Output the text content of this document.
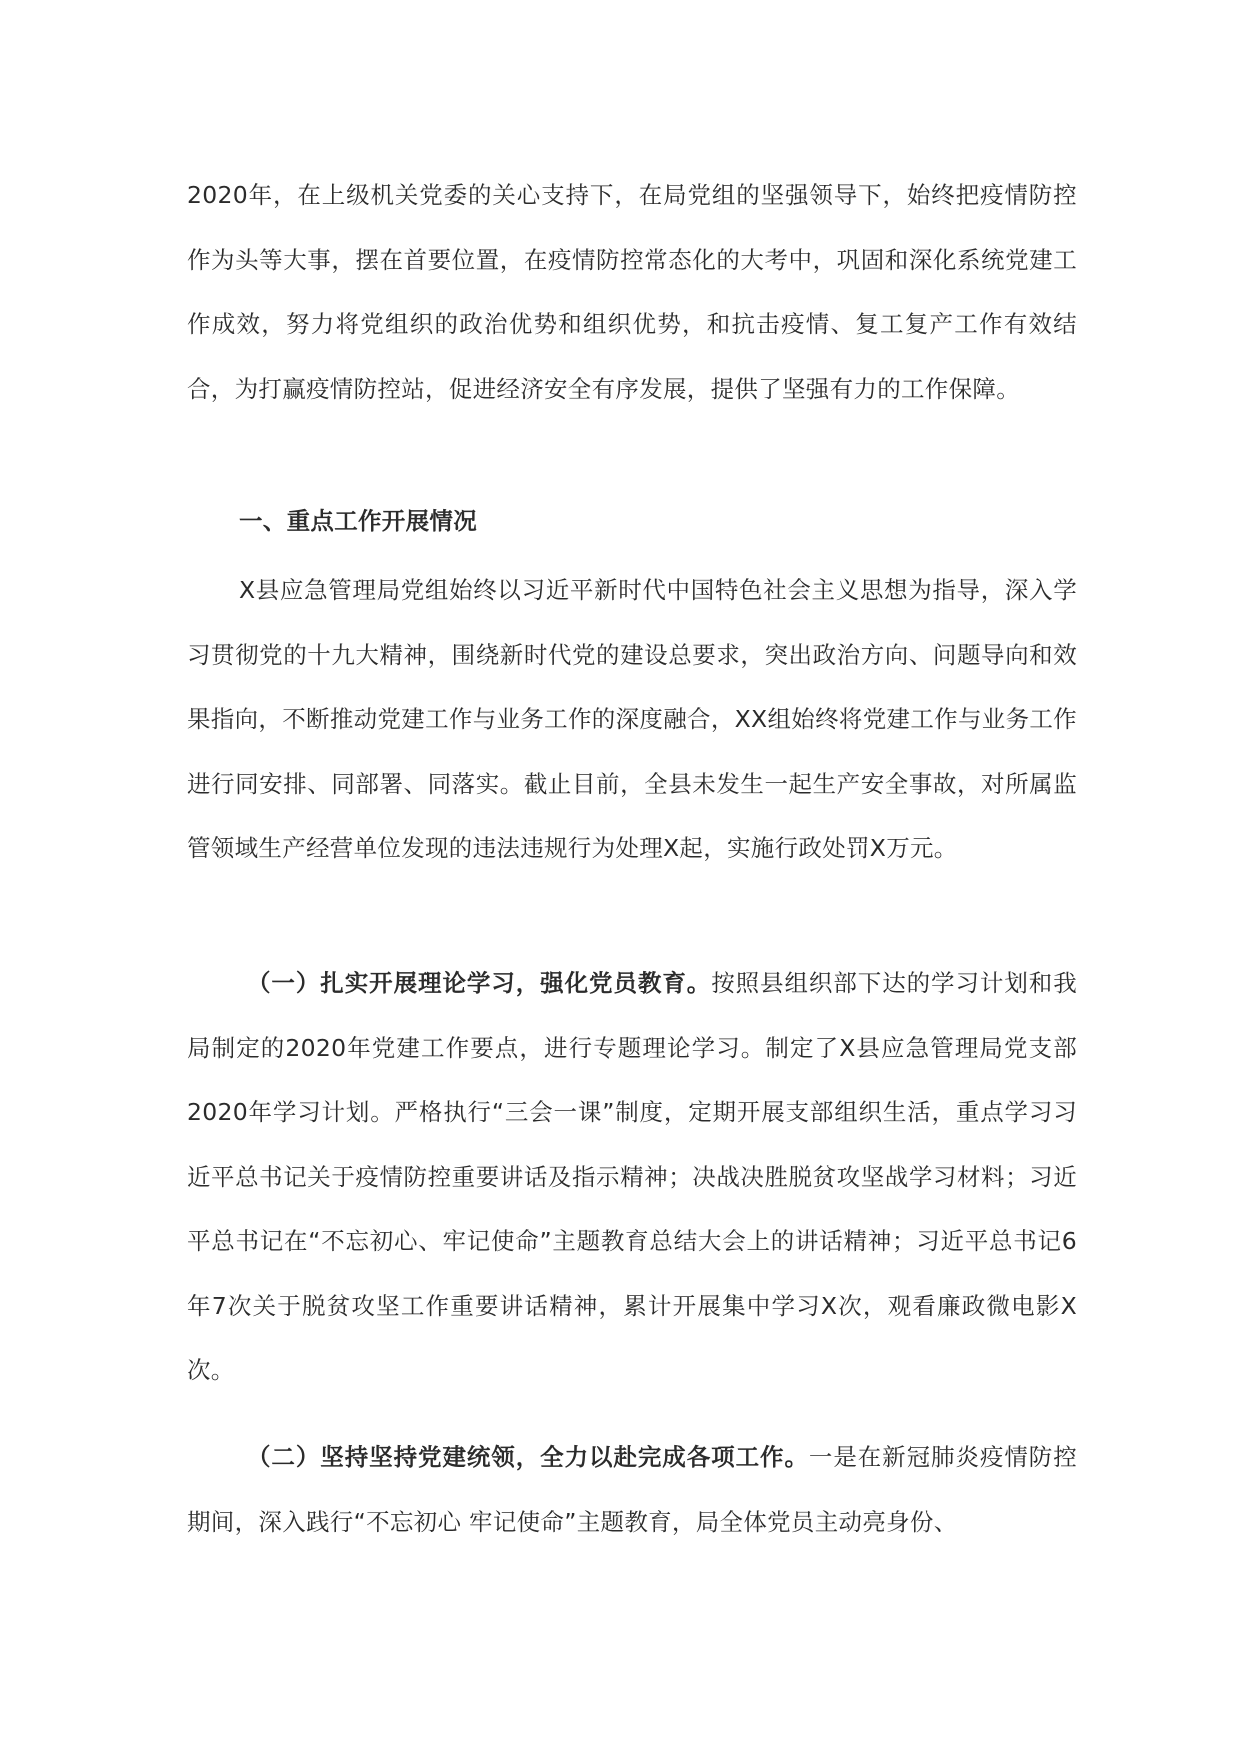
2020年，在上级机关党委的关心支持下，在局党组的坚强领导下，始终把疫情防控作为头等大事，摆在首要位置，在疫情防控常态化的大考中，巩固和深化系统党建工作成效，努力将党组织的政治优势和组织优势，和抗击疫情、复工复产工作有效结合，为打赢疫情防控站，促进经济安全有序发展，提供了坚强有力的工作保障。

一、重点工作开展情况

X县应急管理局党组始终以习近平新时代中国特色社会主义思想为指导，深入学习贯彻党的十九大精神，围绕新时代党的建设总要求，突出政治方向、问题导向和效果指向，不断推动党建工作与业务工作的深度融合，XX组始终将党建工作与业务工作进行同安排、同部署、同落实。截止目前，全县未发生一起生产安全事故，对所属监管领域生产经营单位发现的违法违规行为处理X起，实施行政处罚X万元。

（一）扎实开展理论学习，强化党员教育。按照县组织部下达的学习计划和我局制定的2020年党建工作要点，进行专题理论学习。制定了X县应急管理局党支部2020年学习计划。严格执行“三会一课”制度，定期开展支部组织生活，重点学习习近平总书记关于疫情防控重要讲话及指示精神；决战决胜脱贫攻坚战学习材料；习近平总书记在“不忘初心、牢记使命”主题教育总结大会上的讲话精神；习近平总书记6年7次关于脱贫攻坚工作重要讲话精神，累计开展集中学习X次，观看廉政微电影X次。

（二）坚持坚持党建统领，全力以赴完成各项工作。一是在新冠肺炎疫情防控期间，深入践行“不忘初心 牢记使命”主题教育，局全体党员主动亮身份、
